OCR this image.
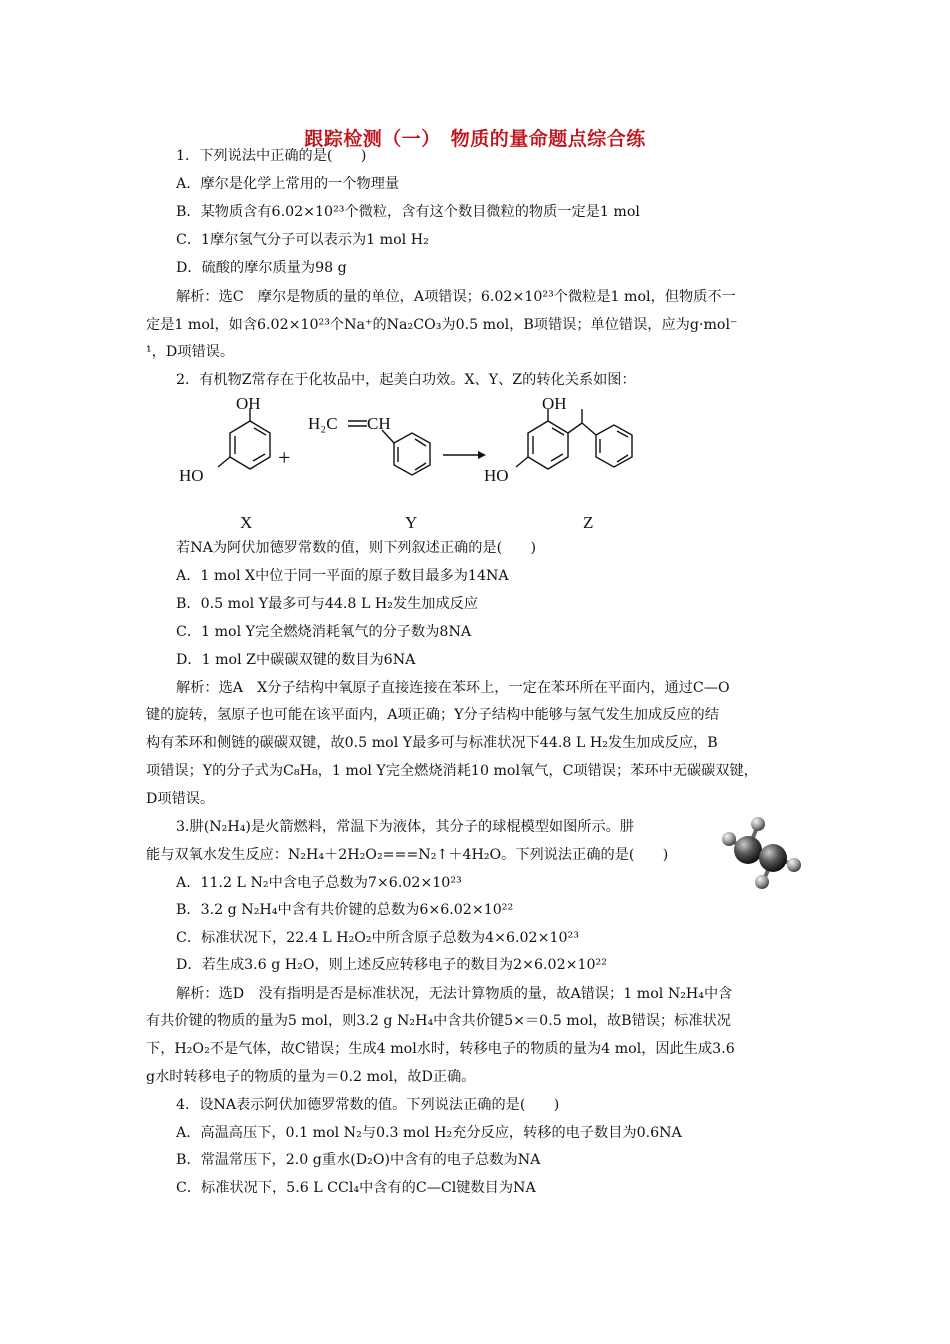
跟踪检测（一）　物质的量命题点综合练
1．下列说法中正确的是(　　)
A．摩尔是化学上常用的一个物理量
B．某物质含有6.02×10²³个微粒，含有这个数目微粒的物质一定是1 mol
C．1摩尔氢气分子可以表示为1 mol H₂
D．硫酸的摩尔质量为98 g
解析：选C　摩尔是物质的量的单位，A项错误；6.02×10²³个微粒是1 mol，但物质不一
定是1 mol，如含6.02×10²³个Na⁺的Na₂CO₃为0.5 mol，B项错误；单位错误，应为g·mol⁻
¹，D项错误。
2．有机物Z常存在于化妆品中，起美白功效。X、Y、Z的转化关系如图：
OH
HO
H₂C CH
+
OH
HO
X	Y	Z
若NA为阿伏加德罗常数的值，则下列叙述正确的是(　　)
A．1 mol X中位于同一平面的原子数目最多为14NA
B．0.5 mol Y最多可与44.8 L H₂发生加成反应
C．1 mol Y完全燃烧消耗氧气的分子数为8NA
D．1 mol Z中碳碳双键的数目为6NA
解析：选A　X分子结构中氧原子直接连接在苯环上，一定在苯环所在平面内，通过C—O
键的旋转，氢原子也可能在该平面内，A项正确；Y分子结构中能够与氢气发生加成反应的结
构有苯环和侧链的碳碳双键，故0.5 mol Y最多可与标准状况下44.8 L H₂发生加成反应，B
项错误；Y的分子式为C₈H₈，1 mol Y完全燃烧消耗10 mol氧气，C项错误；苯环中无碳碳双键，
D项错误。
3.肼(N₂H₄)是火箭燃料，常温下为液体，其分子的球棍模型如图所示。肼
能与双氧水发生反应：N₂H₄＋2H₂O₂===N₂↑＋4H₂O。下列说法正确的是(　　)
A．11.2 L N₂中含电子总数为7×6.02×10²³
B．3.2 g N₂H₄中含有共价键的总数为6×6.02×10²²
C．标准状况下，22.4 L H₂O₂中所含原子总数为4×6.02×10²³
D．若生成3.6 g H₂O，则上述反应转移电子的数目为2×6.02×10²²
解析：选D　没有指明是否是标准状况，无法计算物质的量，故A错误；1 mol N₂H₄中含
有共价键的物质的量为5 mol，则3.2 g N₂H₄中含共价键5×＝0.5 mol，故B错误；标准状况
下，H₂O₂不是气体，故C错误；生成4 mol水时，转移电子的物质的量为4 mol，因此生成3.6
g水时转移电子的物质的量为＝0.2 mol，故D正确。
4．设NA表示阿伏加德罗常数的值。下列说法正确的是(　　)
A．高温高压下，0.1 mol N₂与0.3 mol H₂充分反应，转移的电子数目为0.6NA
B．常温常压下，2.0 g重水(D₂O)中含有的电子总数为NA
C．标准状况下，5.6 L CCl₄中含有的C—Cl键数目为NA
